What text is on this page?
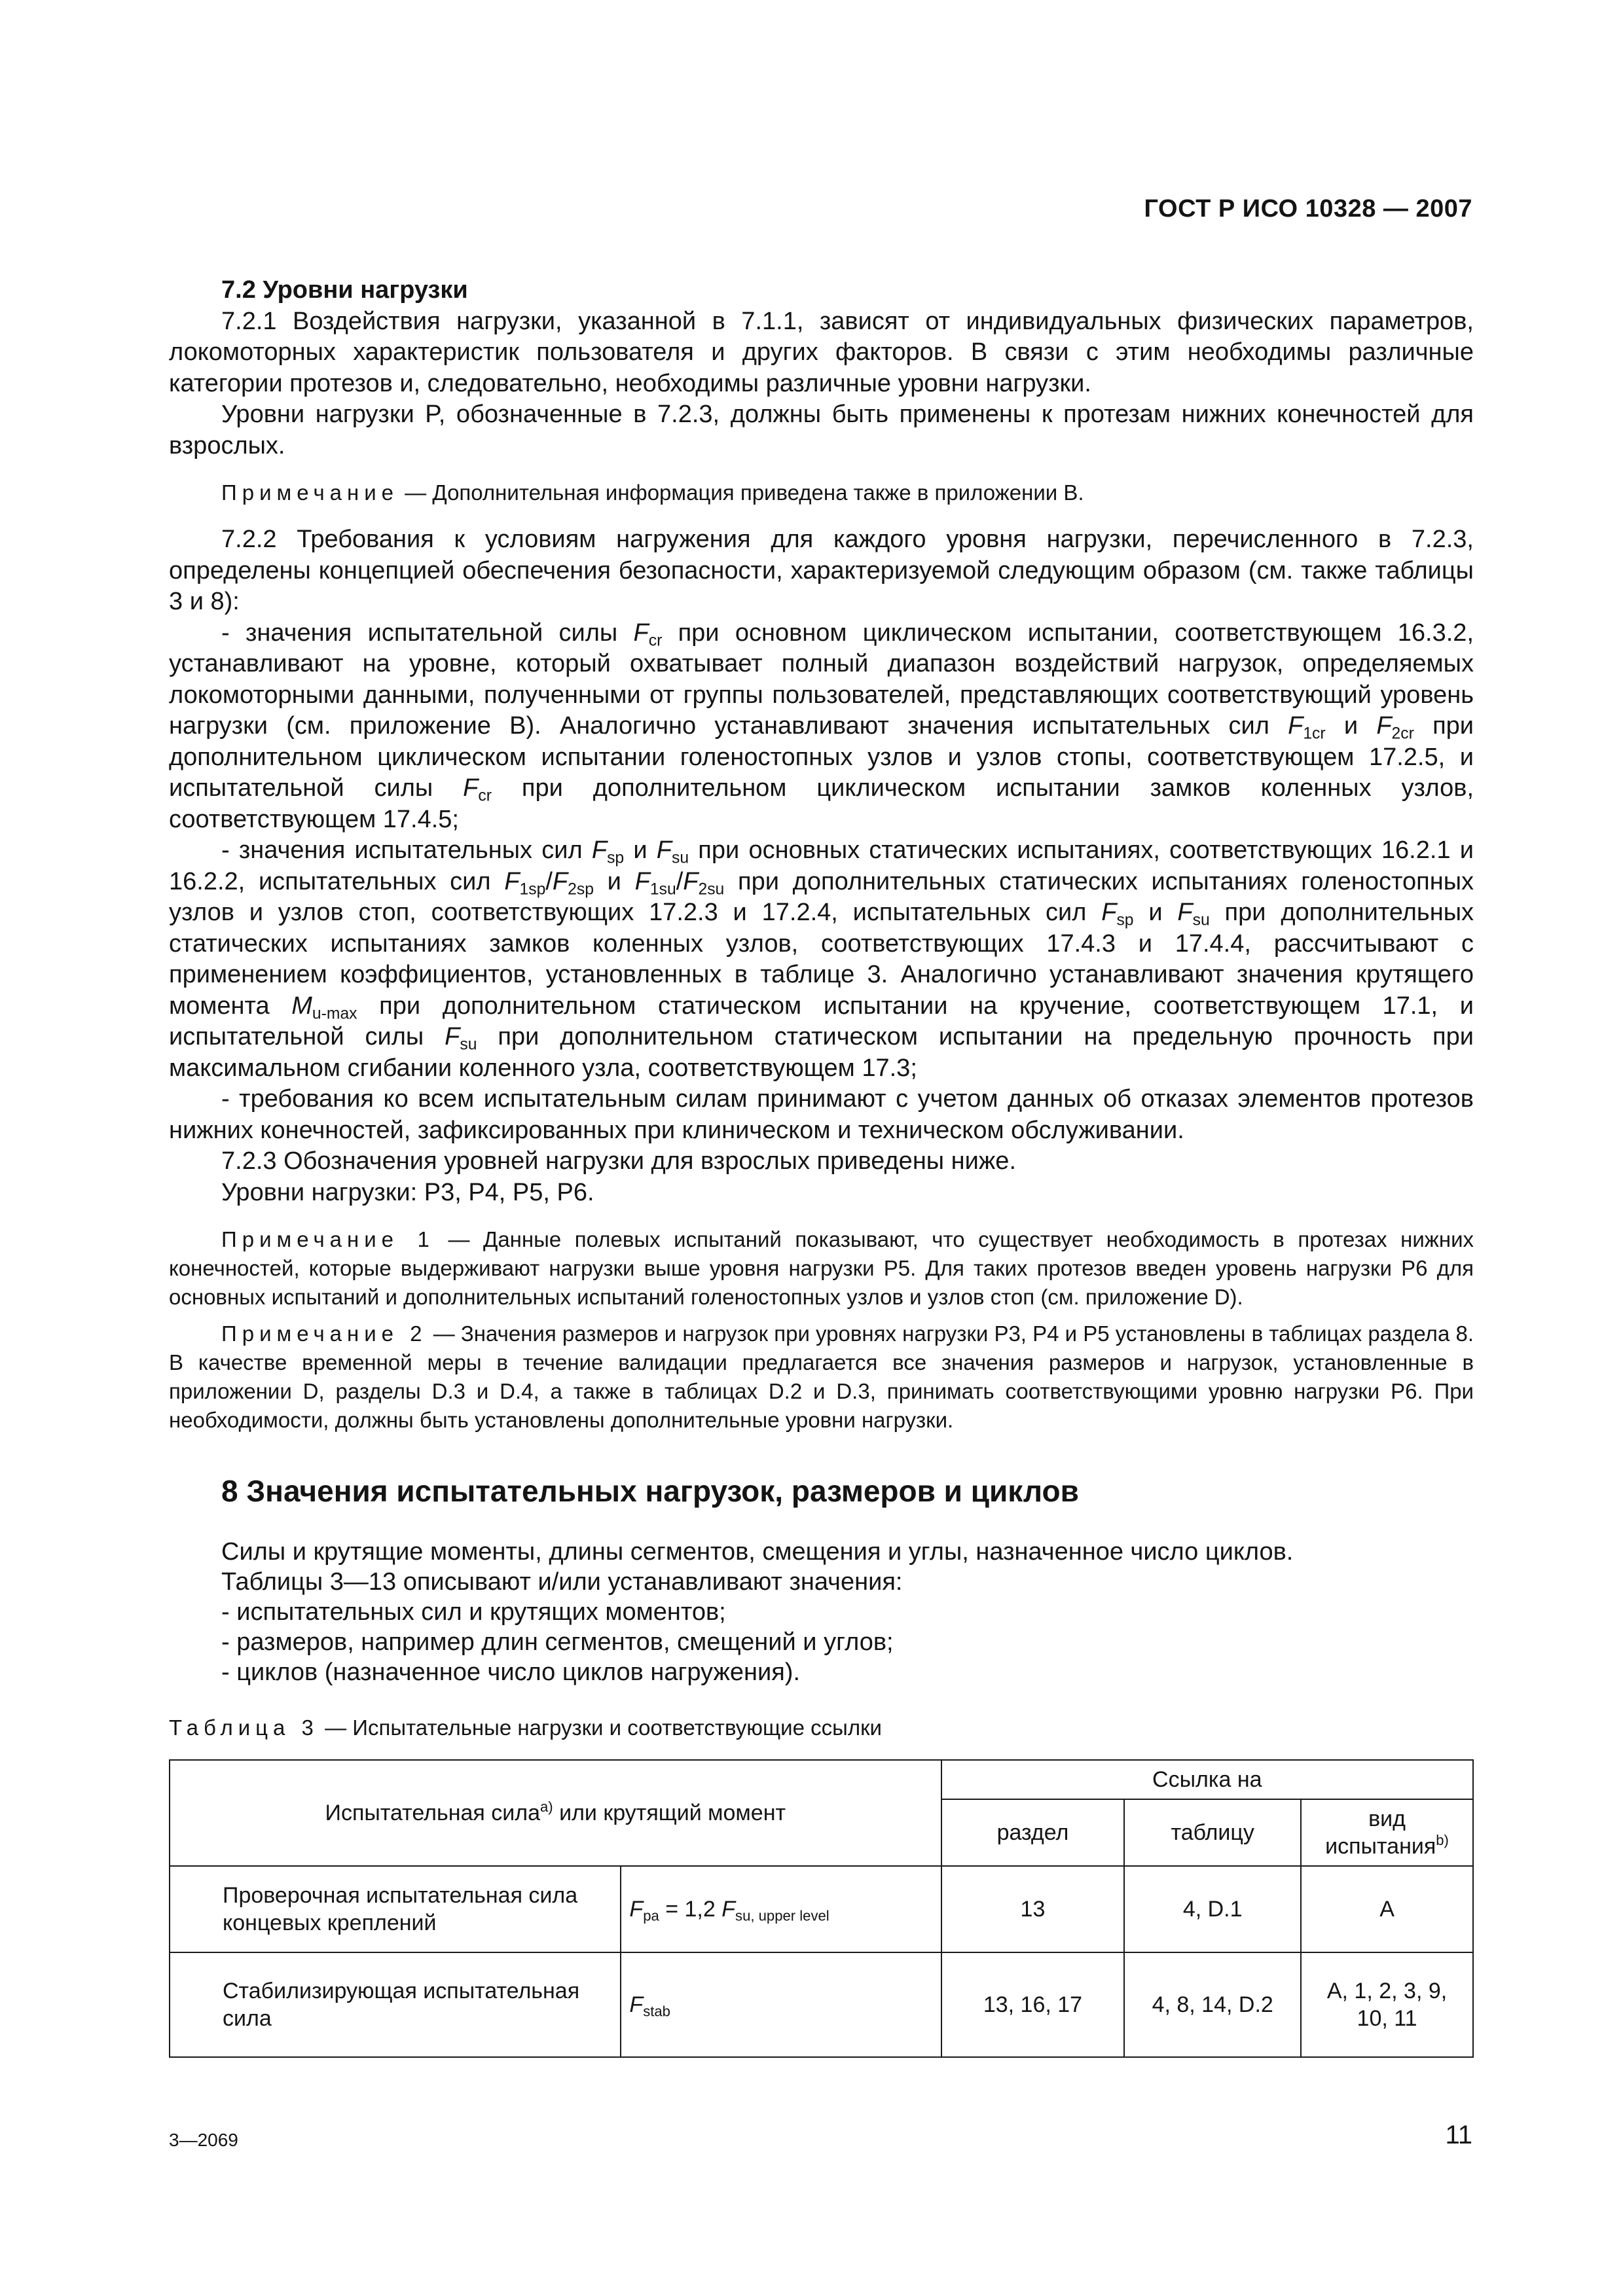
ГОСТ Р ИСО 10328 — 2007

7.2 Уровни нагрузки

7.2.1 Воздействия нагрузки, указанной в 7.1.1, зависят от индивидуальных физических параметров, локомоторных характеристик пользователя и других факторов. В связи с этим необходимы различные категории протезов и, следовательно, необходимы различные уровни нагрузки.

Уровни нагрузки P, обозначенные в 7.2.3, должны быть применены к протезам нижних конечностей для взрослых.

Примечание — Дополнительная информация приведена также в приложении B.

7.2.2 Требования к условиям нагружения для каждого уровня нагрузки, перечисленного в 7.2.3, определены концепцией обеспечения безопасности, характеризуемой следующим образом (см. также таблицы 3 и 8):

- значения испытательной силы $F_{cr}$ при основном циклическом испытании, соответствующем 16.3.2, устанавливают на уровне, который охватывает полный диапазон воздействий нагрузок, определяемых локомоторными данными, полученными от группы пользователей, представляющих соответствующий уровень нагрузки (см. приложение B). Аналогично устанавливают значения испытательных сил $F_{1cr}$ и $F_{2cr}$ при дополнительном циклическом испытании голеностопных узлов и узлов стопы, соответствующем 17.2.5, и испытательной силы $F_{cr}$ при дополнительном циклическом испытании замков коленных узлов, соответствующем 17.4.5;

- значения испытательных сил $F_{sp}$ и $F_{su}$ при основных статических испытаниях, соответствующих 16.2.1 и 16.2.2, испытательных сил $F_{1sp}/F_{2sp}$ и $F_{1su}/F_{2su}$ при дополнительных статических испытаниях голеностопных узлов и узлов стоп, соответствующих 17.2.3 и 17.2.4, испытательных сил $F_{sp}$ и $F_{su}$ при дополнительных статических испытаниях замков коленных узлов, соответствующих 17.4.3 и 17.4.4, рассчитывают с применением коэффициентов, установленных в таблице 3. Аналогично устанавливают значения крутящего момента $M_{u-max}$ при дополнительном статическом испытании на кручение, соответствующем 17.1, и испытательной силы $F_{su}$ при дополнительном статическом испытании на предельную прочность при максимальном сгибании коленного узла, соответствующем 17.3;

- требования ко всем испытательным силам принимают с учетом данных об отказах элементов протезов нижних конечностей, зафиксированных при клиническом и техническом обслуживании.

7.2.3 Обозначения уровней нагрузки для взрослых приведены ниже.

Уровни нагрузки: P3, P4, P5, P6.

Примечание 1 — Данные полевых испытаний показывают, что существует необходимость в протезах нижних конечностей, которые выдерживают нагрузки выше уровня нагрузки P5. Для таких протезов введен уровень нагрузки P6 для основных испытаний и дополнительных испытаний голеностопных узлов и узлов стоп (см. приложение D).

Примечание 2 — Значения размеров и нагрузок при уровнях нагрузки P3, P4 и P5 установлены в таблицах раздела 8. В качестве временной меры в течение валидации предлагается все значения размеров и нагрузок, установленные в приложении D, разделы D.3 и D.4, а также в таблицах D.2 и D.3, принимать соответствующими уровню нагрузки P6. При необходимости, должны быть установлены дополнительные уровни нагрузки.

8 Значения испытательных нагрузок, размеров и циклов

Силы и крутящие моменты, длины сегментов, смещения и углы, назначенное число циклов.

Таблицы 3—13 описывают и/или устанавливают значения:

- испытательных сил и крутящих моментов;

- размеров, например длин сегментов, смещений и углов;

- циклов (назначенное число циклов нагружения).

Таблица 3 — Испытательные нагрузки и соответствующие ссылки

Испытательная сила$^{a)}$ или крутящий момент		Ссылка на		
		раздел	таблицу	вид испытания$^{b)}$
Проверочная испытательная сила концевых креплений	$F_{pa} = 1,2$ $F_{su, upper level}$	13	4, D.1	A
Стабилизирующая испытательная сила	$F_{stab}$	13, 16, 17	4, 8, 14, D.2	A, 1, 2, 3, 9, 10, 11
3—2069	11
